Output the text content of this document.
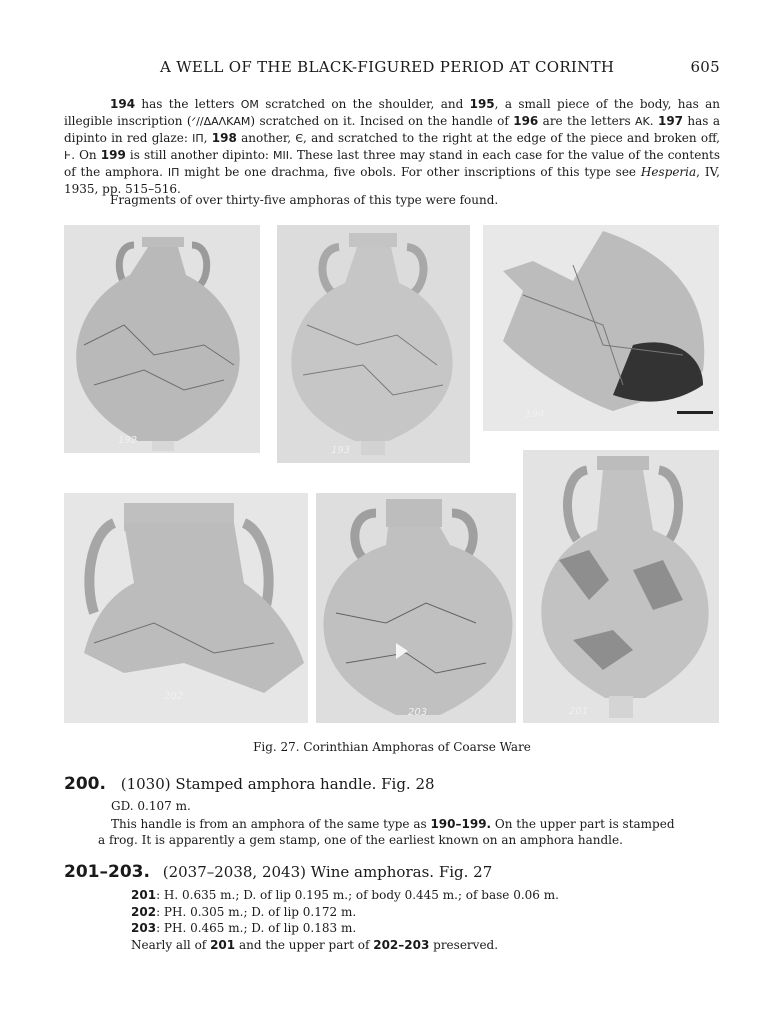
A WELL OF THE BLACK-FIGURED PERIOD AT CORINTH	605
194 has the letters OM scratched on the shoulder, and 195, a small piece of the body, has an illegible inscription (ᐟ//ΔΑΛΚΑΜ) scratched on it. Incised on the handle of 196 are the letters ΑΚ. 197 has a dipinto in red glaze: ΙΠ, 198 another, Є, and scratched to the right at the edge of the piece and broken off, Ͱ. On 199 is still another dipinto: ΜΙΙ. These last three may stand in each case for the value of the contents of the amphora. ΙΠ might be one drachma, five obols. For other inscriptions of this type see Hesperia, IV, 1935, pp. 515–516.
Fragments of over thirty-five amphoras of this type were found.
192
193
194
202
203	201
Fig. 27. Corinthian Amphoras of Coarse Ware
200. (1030) Stamped amphora handle. Fig. 28
GD. 0.107 m.
This handle is from an amphora of the same type as 190–199. On the upper part is stamped
a frog. It is apparently a gem stamp, one of the earliest known on an amphora handle.
201–203. (2037–2038, 2043) Wine amphoras. Fig. 27
201: H. 0.635 m.; D. of lip 0.195 m.; of body 0.445 m.; of base 0.06 m.
202: PH. 0.305 m.; D. of lip 0.172 m.
203: PH. 0.465 m.; D. of lip 0.183 m.
Nearly all of 201 and the upper part of 202–203 preserved.
